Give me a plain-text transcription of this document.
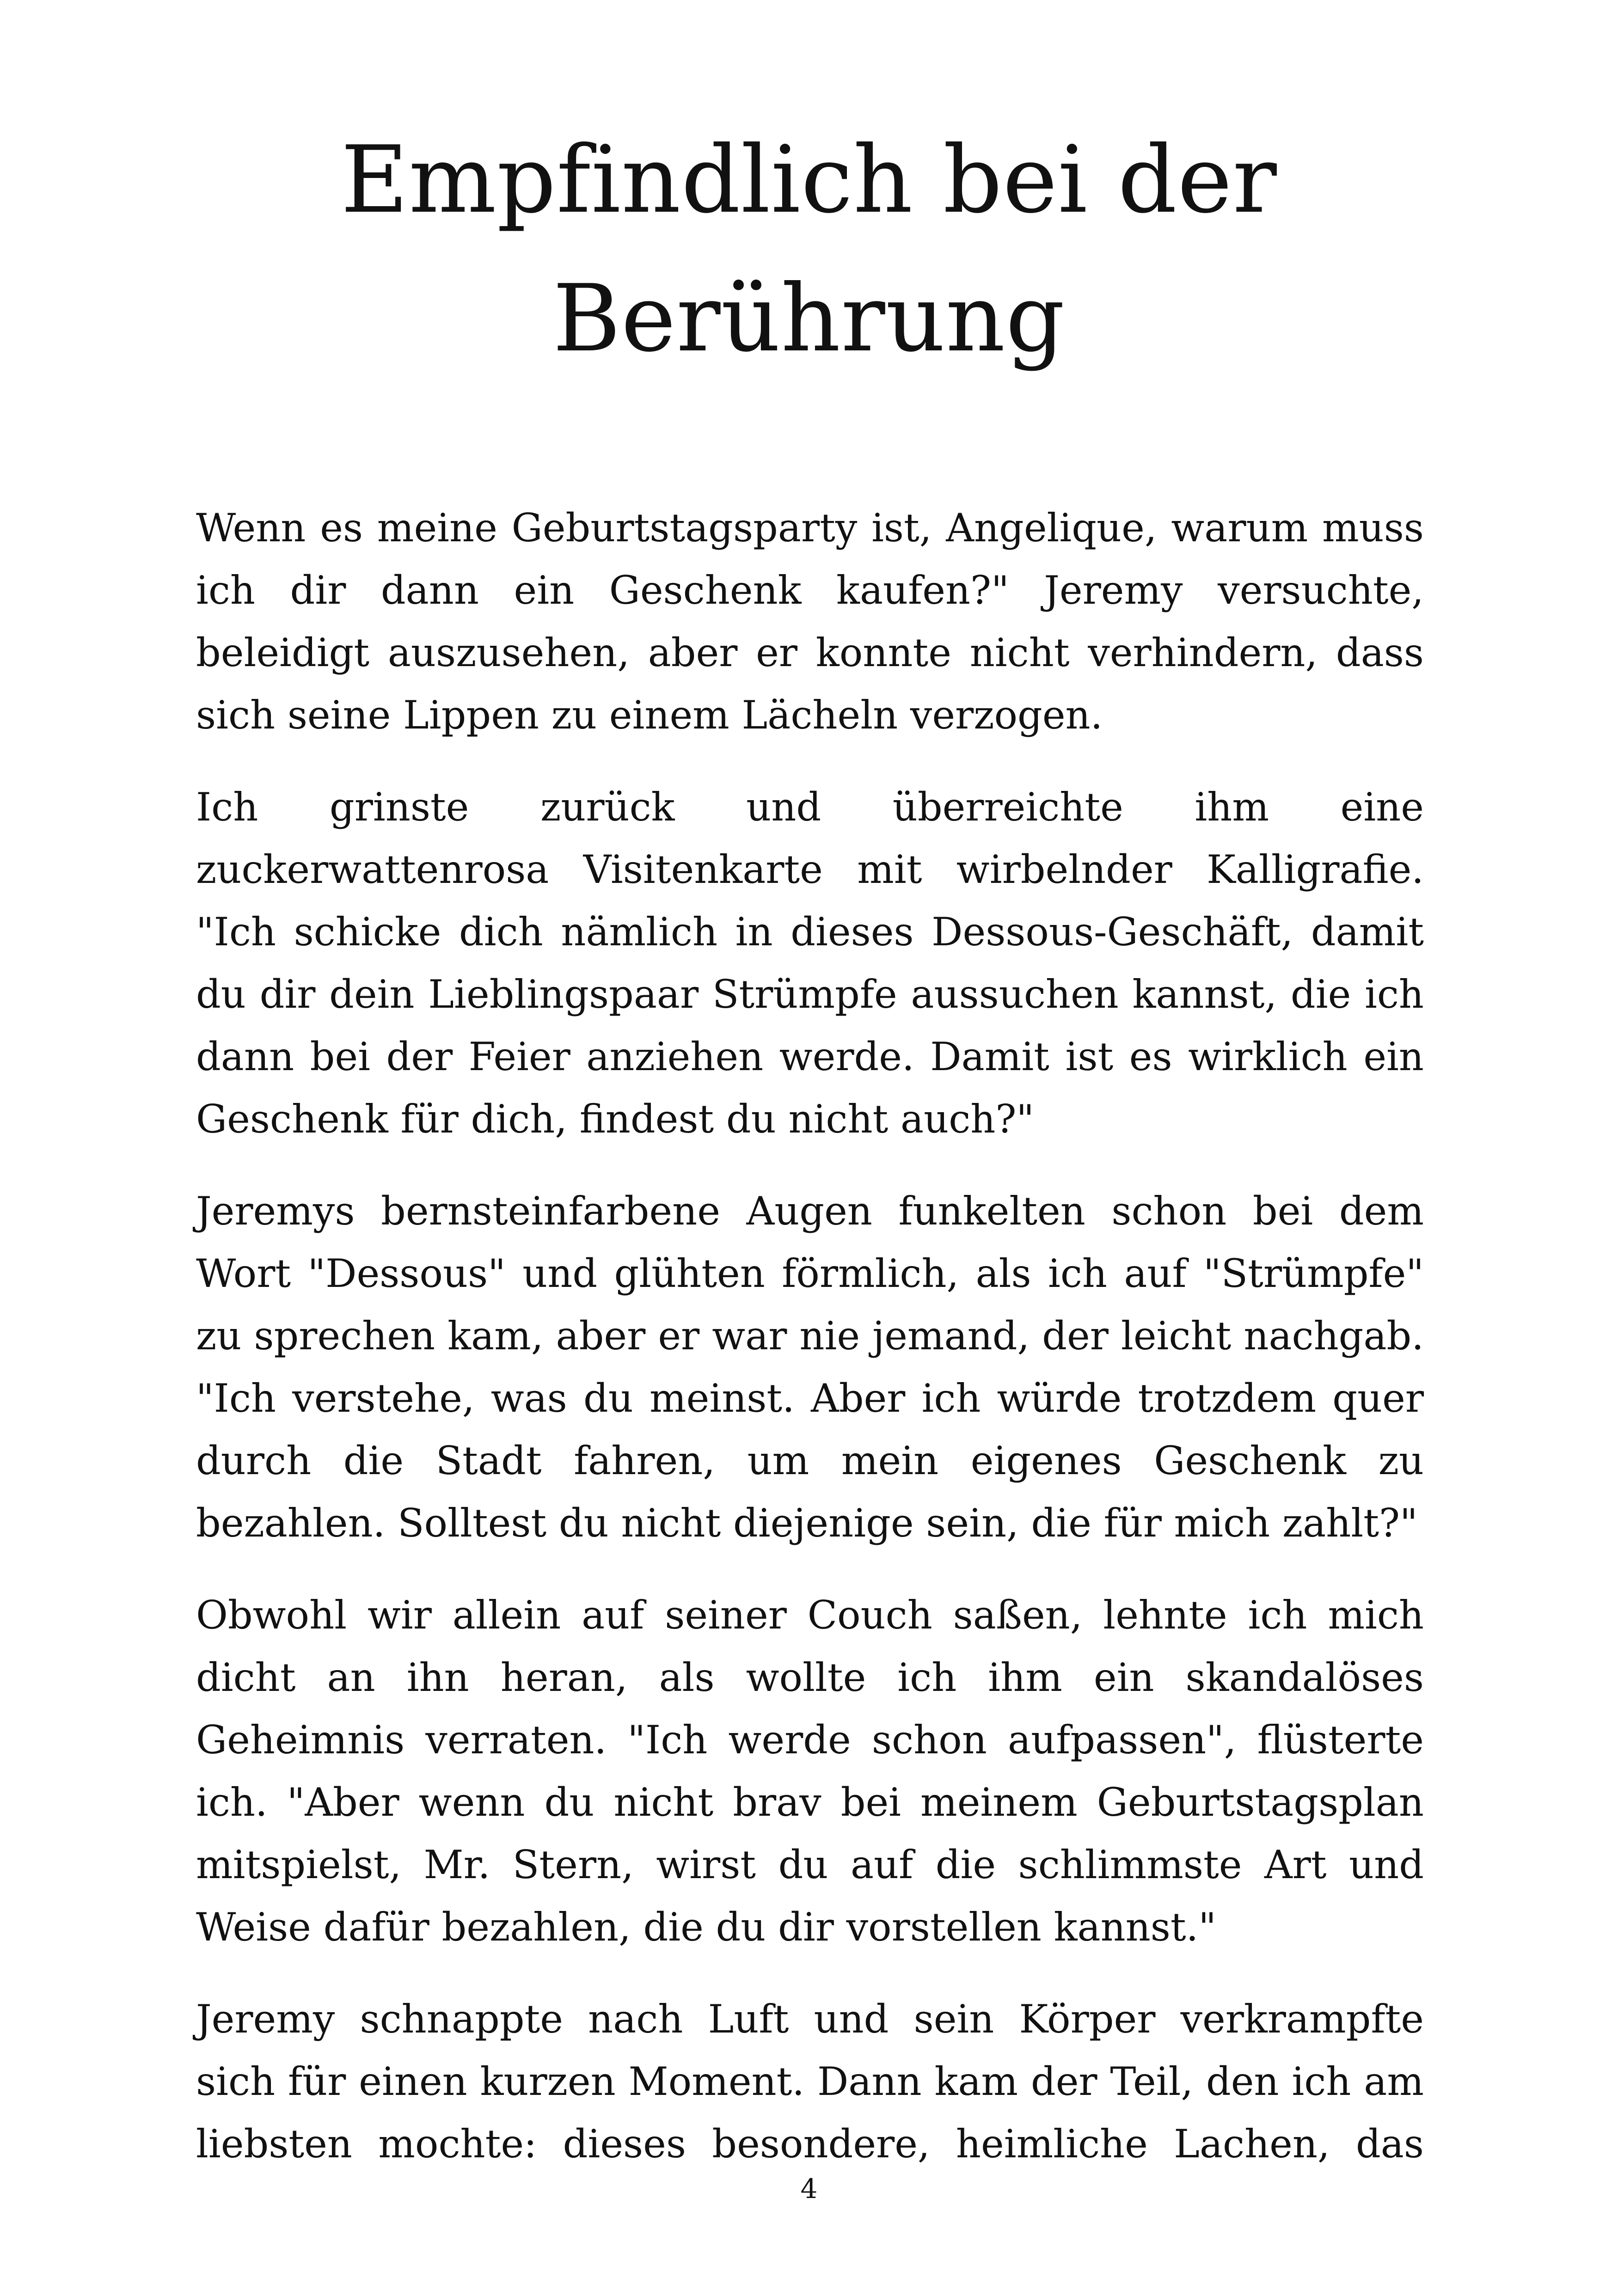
Empfindlich bei der
Berührung

Wenn es meine Geburtstagsparty ist, Angelique, warum muss ich dir dann ein Geschenk kaufen?" Jeremy versuchte, beleidigt auszusehen, aber er konnte nicht verhindern, dass sich seine Lippen zu einem Lächeln verzogen.

Ich grinste zurück und überreichte ihm eine zuckerwattenrosa Visitenkarte mit wirbelnder Kalligrafie. "Ich schicke dich nämlich in dieses Dessous-Geschäft, damit du dir dein Lieblingspaar Strümpfe aussuchen kannst, die ich dann bei der Feier anziehen werde. Damit ist es wirklich ein Geschenk für dich, findest du nicht auch?"

Jeremys bernsteinfarbene Augen funkelten schon bei dem Wort "Dessous" und glühten förmlich, als ich auf "Strümpfe" zu sprechen kam, aber er war nie jemand, der leicht nachgab. "Ich verstehe, was du meinst. Aber ich würde trotzdem quer durch die Stadt fahren, um mein eigenes Geschenk zu bezahlen. Solltest du nicht diejenige sein, die für mich zahlt?"

Obwohl wir allein auf seiner Couch saßen, lehnte ich mich dicht an ihn heran, als wollte ich ihm ein skandalöses Geheimnis verraten. "Ich werde schon aufpassen", flüsterte ich. "Aber wenn du nicht brav bei meinem Geburtstagsplan mitspielst, Mr. Stern, wirst du auf die schlimmste Art und Weise dafür bezahlen, die du dir vorstellen kannst."

Jeremy schnappte nach Luft und sein Körper verkrampfte sich für einen kurzen Moment. Dann kam der Teil, den ich am liebsten mochte: dieses besondere, heimliche Lachen, das

4
